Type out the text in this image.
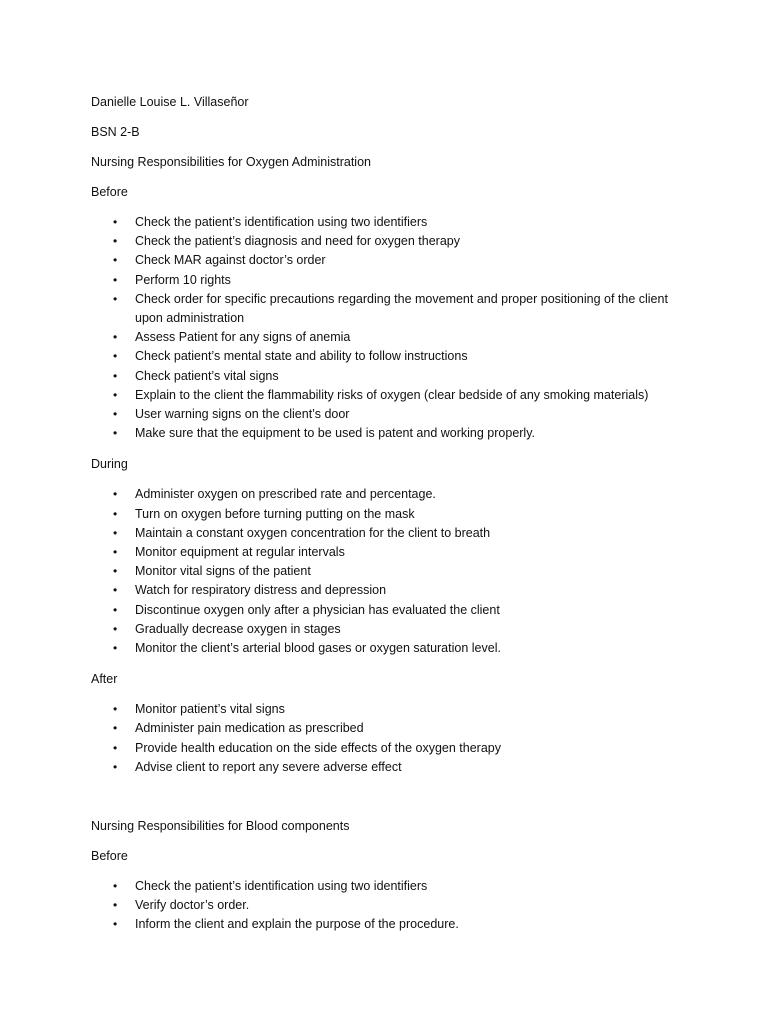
Danielle Louise L. Villaseñor

BSN 2-B

Nursing Responsibilities for Oxygen Administration

Before

• Check the patient’s identification using two identifiers
• Check the patient’s diagnosis and need for oxygen therapy
• Check MAR against doctor’s order
• Perform 10 rights
• Check order for specific precautions regarding the movement and proper positioning of the client upon administration
• Assess Patient for any signs of anemia
• Check patient’s mental state and ability to follow instructions
• Check patient’s vital signs
• Explain to the client the flammability risks of oxygen (clear bedside of any smoking materials)
• User warning signs on the client’s door
• Make sure that the equipment to be used is patent and working properly.

During

• Administer oxygen on prescribed rate and percentage.
• Turn on oxygen before turning putting on the mask
• Maintain a constant oxygen concentration for the client to breath
• Monitor equipment at regular intervals
• Monitor vital signs of the patient
• Watch for respiratory distress and depression
• Discontinue oxygen only after a physician has evaluated the client
• Gradually decrease oxygen in stages
• Monitor the client’s arterial blood gases or oxygen saturation level.

After

• Monitor patient’s vital signs
• Administer pain medication as prescribed
• Provide health education on the side effects of the oxygen therapy
• Advise client to report any severe adverse effect

Nursing Responsibilities for Blood components

Before

• Check the patient’s identification using two identifiers
• Verify doctor’s order.
• Inform the client and explain the purpose of the procedure.
